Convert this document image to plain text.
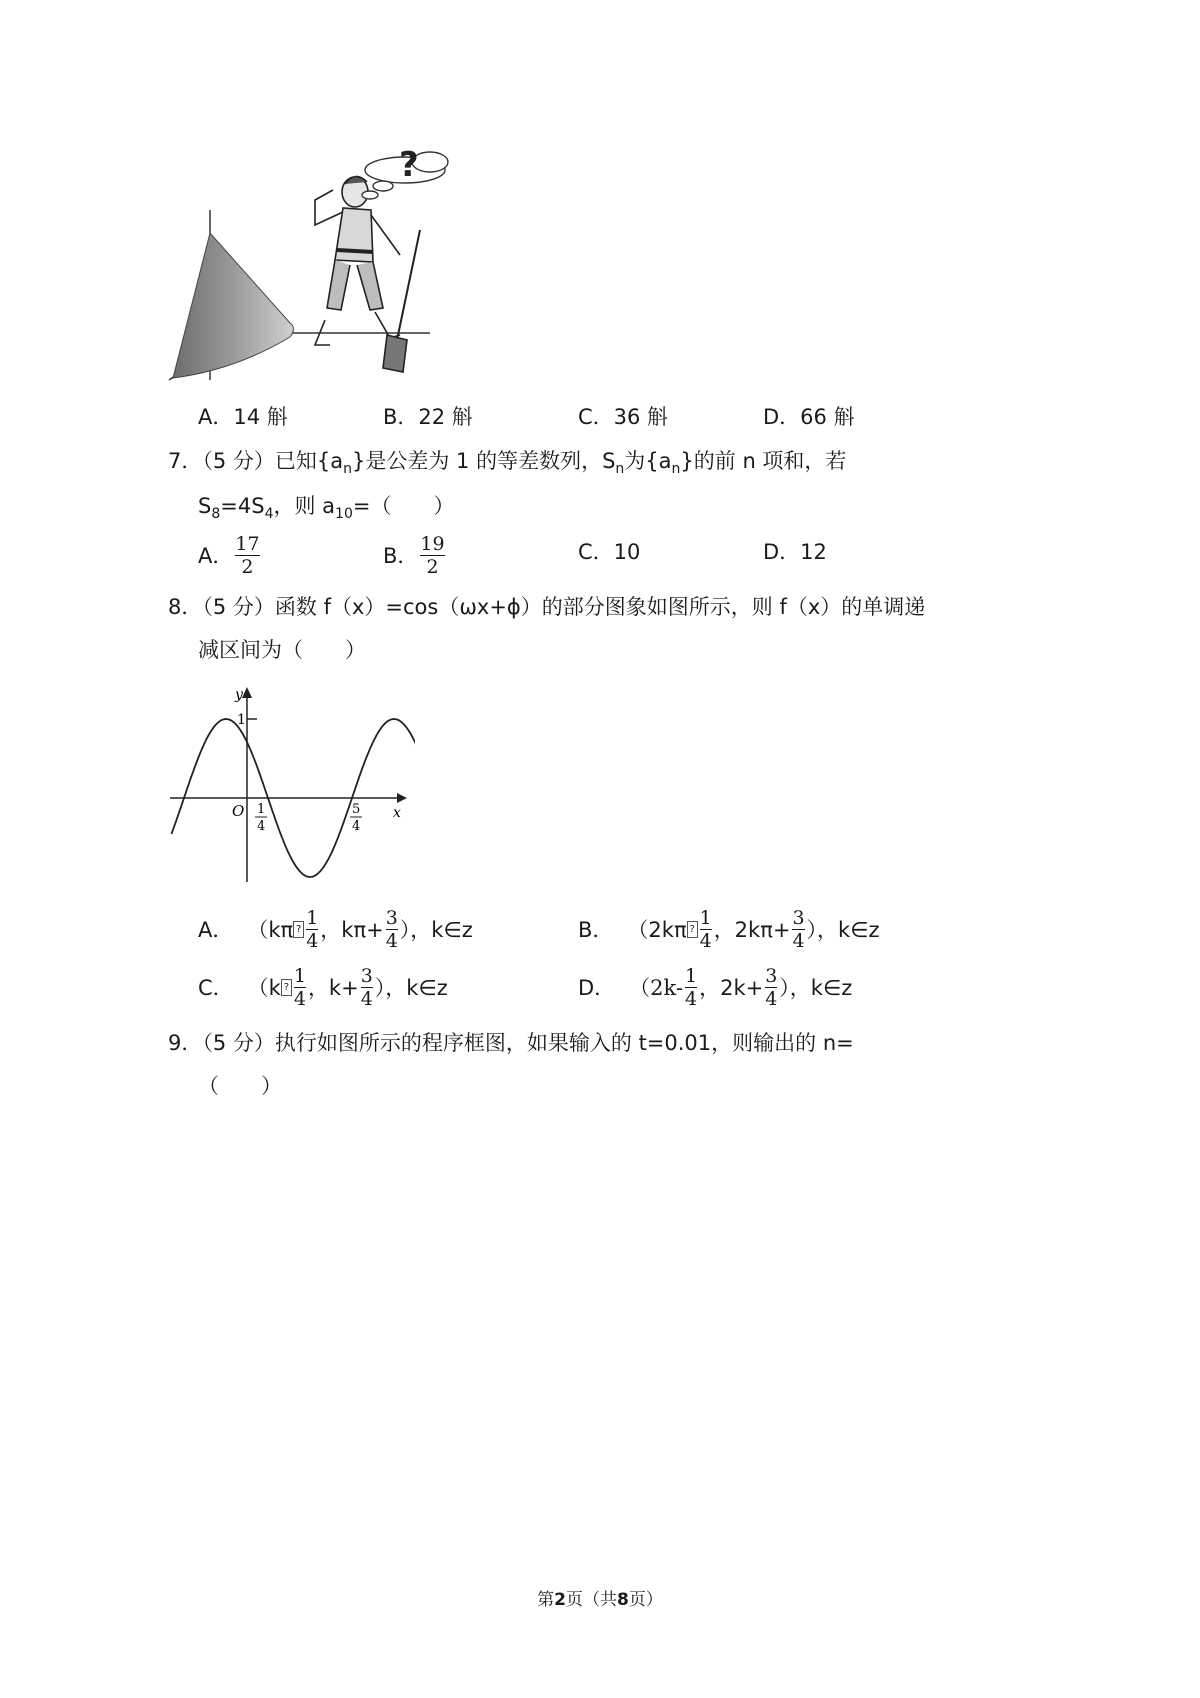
?
A．14 斛	B．22 斛	C．36 斛	D．66 斛
7．（5 分）已知$\{a_n\}$是公差为 1 的等差数列，$S_n$为$\{a_n\}$的前 n 项和，若
$S_8=4S_4$，则 $a_{10}=$（　　）
A． $\frac{17}{2}$	B． $\frac{19}{2}$	C．10	D．12
8．（5 分）函数 f（x）=cos（ωx+ϕ）的部分图象如图所示，则 f（x）的单调递
减区间为（　　）
y
x
O
1
1
4
5
4
A． （kπ ? $\frac{1}{4}$ ，$k\pi+ \frac{3}{4}$ ），k∈z	B． （2kπ ? $\frac{1}{4}$ ，$2k\pi+ \frac{3}{4}$ ），k∈z
C． （k ? $\frac{1}{4}$ ，$k+ \frac{3}{4}$ ），k∈z	D． （$2k- \frac{1}{4}$ ，$2k+ \frac{3}{4}$ ），k∈z
9．（5 分）执行如图所示的程序框图，如果输入的 t=0.01，则输出的 n=
（　　）
第2页（共8页）
